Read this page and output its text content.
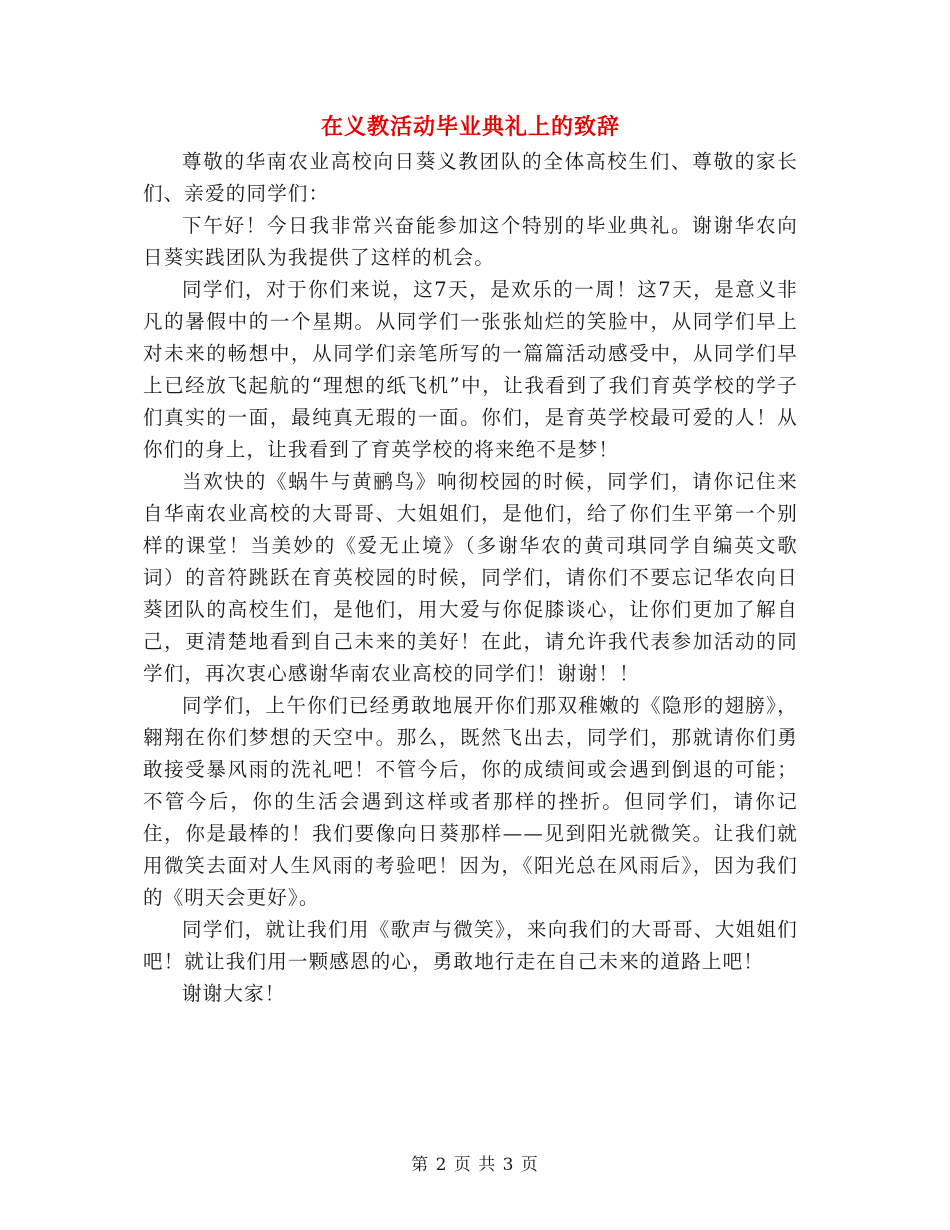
在义教活动毕业典礼上的致辞

尊敬的华南农业高校向日葵义教团队的全体高校生们、尊敬的家长们、亲爱的同学们：

下午好！今日我非常兴奋能参加这个特别的毕业典礼。谢谢华农向日葵实践团队为我提供了这样的机会。

同学们，对于你们来说，这7天，是欢乐的一周！这7天，是意义非凡的暑假中的一个星期。从同学们一张张灿烂的笑脸中，从同学们早上对未来的畅想中，从同学们亲笔所写的一篇篇活动感受中，从同学们早上已经放飞起航的“理想的纸飞机”中，让我看到了我们育英学校的学子们真实的一面，最纯真无瑕的一面。你们，是育英学校最可爱的人！从你们的身上，让我看到了育英学校的将来绝不是梦！

当欢快的《蜗牛与黄鹂鸟》响彻校园的时候，同学们，请你记住来自华南农业高校的大哥哥、大姐姐们，是他们，给了你们生平第一个别样的课堂！当美妙的《爱无止境》（多谢华农的黄司琪同学自编英文歌词）的音符跳跃在育英校园的时候，同学们，请你们不要忘记华农向日葵团队的高校生们，是他们，用大爱与你促膝谈心，让你们更加了解自己，更清楚地看到自己未来的美好！在此，请允许我代表参加活动的同学们，再次衷心感谢华南农业高校的同学们！谢谢！！

同学们，上午你们已经勇敢地展开你们那双稚嫩的《隐形的翅膀》，翱翔在你们梦想的天空中。那么，既然飞出去，同学们，那就请你们勇敢接受暴风雨的洗礼吧！不管今后，你的成绩间或会遇到倒退的可能；不管今后，你的生活会遇到这样或者那样的挫折。但同学们，请你记住，你是最棒的！我们要像向日葵那样——见到阳光就微笑。让我们就用微笑去面对人生风雨的考验吧！因为，《阳光总在风雨后》，因为我们的《明天会更好》。

同学们，就让我们用《歌声与微笑》，来向我们的大哥哥、大姐姐们吧！就让我们用一颗感恩的心，勇敢地行走在自己未来的道路上吧！

谢谢大家！

第 2 页 共 3 页
